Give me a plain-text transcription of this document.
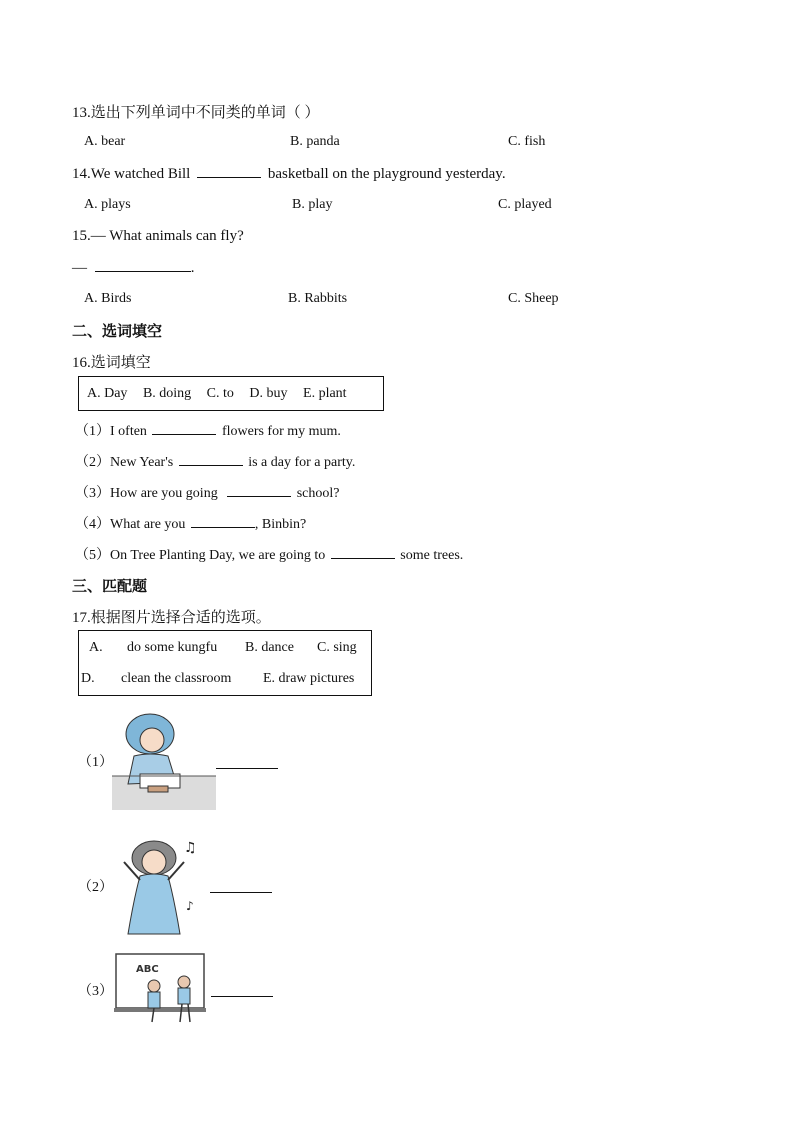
13.选出下列单词中不同类的单词（ ）
A. bear	B. panda	C. fish
14.We watched Bill	basketball on the playground yesterday.
A. plays	B. play	C. played
15.— What animals can fly?
—	.
A. Birds	B. Rabbits	C. Sheep
二、选词填空
16.选词填空
A. Day B. doing C. to D. buy E. plant
（1）I often	flowers for my mum.
（2）New Year's	is a day for a party.
（3）How are you going	school?
（4）What are you	, Binbin?
（5）On Tree Planting Day, we are going to	some trees.
三、匹配题
17.根据图片选择合适的选项。
A. do some kungfu B. dance C. sing
D. clean the classroom E. draw pictures
（1）
（2）
♫
♪
（3）
ABC
